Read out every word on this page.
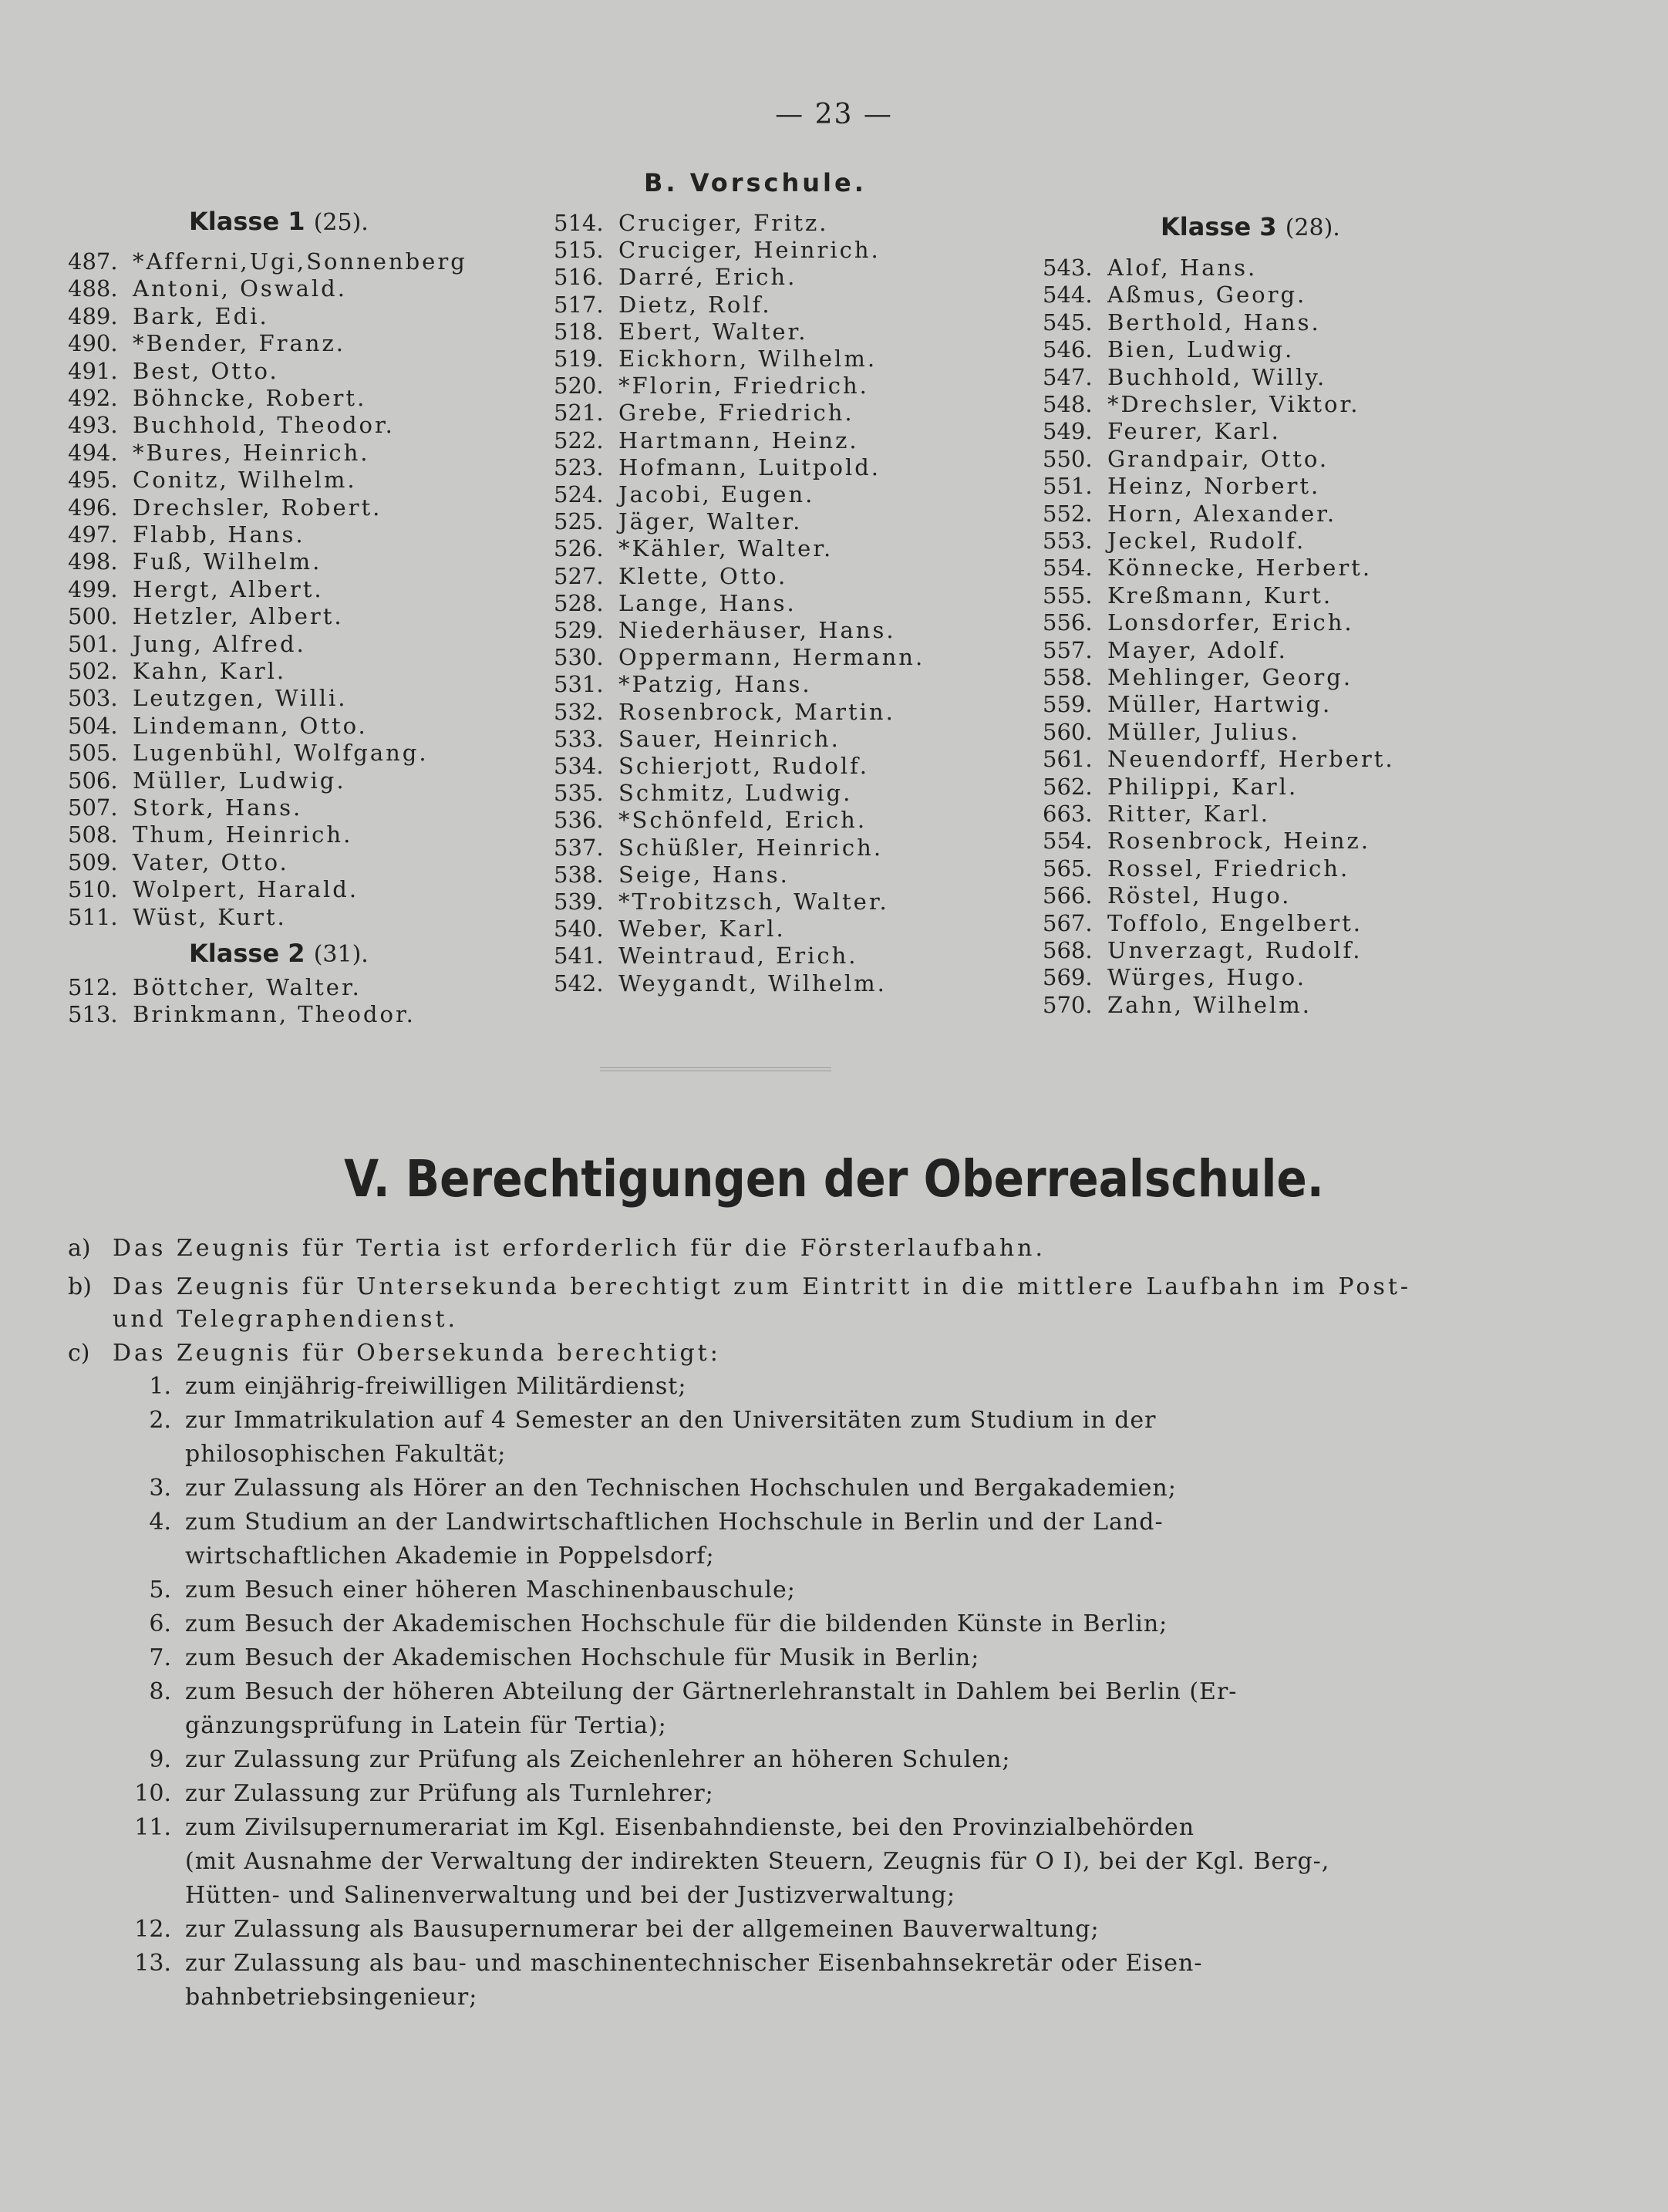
— 23 —
Klasse 1 (25).
487. *Afferni,Ugi,Sonnenberg
488. Antoni, Oswald.
489. Bark, Edi.
490. *Bender, Franz.
491. Best, Otto.
492. Böhncke, Robert.
493. Buchhold, Theodor.
494. *Bures, Heinrich.
495. Conitz, Wilhelm.
496. Drechsler, Robert.
497. Flabb, Hans.
498. Fuß, Wilhelm.
499. Hergt, Albert.
500. Hetzler, Albert.
501. Jung, Alfred.
502. Kahn, Karl.
503. Leutzgen, Willi.
504. Lindemann, Otto.
505. Lugenbühl, Wolfgang.
506. Müller, Ludwig.
507. Stork, Hans.
508. Thum, Heinrich.
509. Vater, Otto.
510. Wolpert, Harald.
511. Wüst, Kurt.
Klasse 2 (31).
512. Böttcher, Walter.
513. Brinkmann, Theodor.
B. Vorschule.
514. Cruciger, Fritz.
515. Cruciger, Heinrich.
516. Darré, Erich.
517. Dietz, Rolf.
518. Ebert, Walter.
519. Eickhorn, Wilhelm.
520. *Florin, Friedrich.
521. Grebe, Friedrich.
522. Hartmann, Heinz.
523. Hofmann, Luitpold.
524. Jacobi, Eugen.
525. Jäger, Walter.
526. *Kähler, Walter.
527. Klette, Otto.
528. Lange, Hans.
529. Niederhäuser, Hans.
530. Oppermann, Hermann.
531. *Patzig, Hans.
532. Rosenbrock, Martin.
533. Sauer, Heinrich.
534. Schierjott, Rudolf.
535. Schmitz, Ludwig.
536. *Schönfeld, Erich.
537. Schüßler, Heinrich.
538. Seige, Hans.
539. *Trobitzsch, Walter.
540. Weber, Karl.
541. Weintraud, Erich.
542. Weygandt, Wilhelm.
Klasse 3 (28).
543. Alof, Hans.
544. Aßmus, Georg.
545. Berthold, Hans.
546. Bien, Ludwig.
547. Buchhold, Willy.
548. *Drechsler, Viktor.
549. Feurer, Karl.
550. Grandpair, Otto.
551. Heinz, Norbert.
552. Horn, Alexander.
553. Jeckel, Rudolf.
554. Könnecke, Herbert.
555. Kreßmann, Kurt.
556. Lonsdorfer, Erich.
557. Mayer, Adolf.
558. Mehlinger, Georg.
559. Müller, Hartwig.
560. Müller, Julius.
561. Neuendorff, Herbert.
562. Philippi, Karl.
663. Ritter, Karl.
554. Rosenbrock, Heinz.
565. Rossel, Friedrich.
566. Röstel, Hugo.
567. Toffolo, Engelbert.
568. Unverzagt, Rudolf.
569. Würges, Hugo.
570. Zahn, Wilhelm.
V. Berechtigungen der Oberrealschule.
a) Das Zeugnis für Tertia ist erforderlich für die Försterlaufbahn.
b) Das Zeugnis für Untersekunda berechtigt zum Eintritt in die mittlere Laufbahn im Post-
und Telegraphendienst.
c) Das Zeugnis für Obersekunda berechtigt:
1. zum einjährig-freiwilligen Militärdienst;
2. zur Immatrikulation auf 4 Semester an den Universitäten zum Studium in der
philosophischen Fakultät;
3. zur Zulassung als Hörer an den Technischen Hochschulen und Bergakademien;
4. zum Studium an der Landwirtschaftlichen Hochschule in Berlin und der Land-
wirtschaftlichen Akademie in Poppelsdorf;
5. zum Besuch einer höheren Maschinenbauschule;
6. zum Besuch der Akademischen Hochschule für die bildenden Künste in Berlin;
7. zum Besuch der Akademischen Hochschule für Musik in Berlin;
8. zum Besuch der höheren Abteilung der Gärtnerlehranstalt in Dahlem bei Berlin (Er-
gänzungsprüfung in Latein für Tertia);
9. zur Zulassung zur Prüfung als Zeichenlehrer an höheren Schulen;
10. zur Zulassung zur Prüfung als Turnlehrer;
11. zum Zivilsupernumerariat im Kgl. Eisenbahndienste, bei den Provinzialbehörden
(mit Ausnahme der Verwaltung der indirekten Steuern, Zeugnis für O I), bei der Kgl. Berg-,
Hütten- und Salinenverwaltung und bei der Justizverwaltung;
12. zur Zulassung als Bausupernumerar bei der allgemeinen Bauverwaltung;
13. zur Zulassung als bau- und maschinentechnischer Eisenbahnsekretär oder Eisen-
bahnbetriebsingenieur;
